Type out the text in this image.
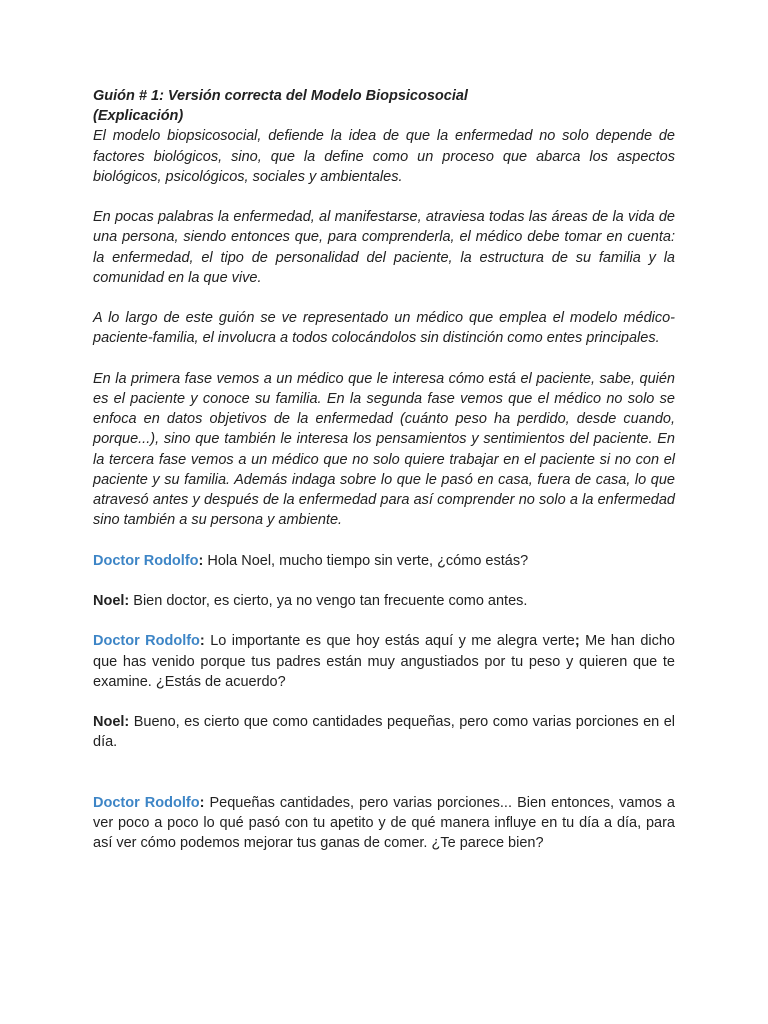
Guión # 1: Versión correcta del Modelo Biopsicosocial

(Explicación)

El modelo biopsicosocial, defiende la idea de que la enfermedad no solo depende de factores biológicos, sino, que la define como un proceso que abarca los aspectos biológicos, psicológicos, sociales y ambientales.

En pocas palabras la enfermedad, al manifestarse, atraviesa todas las áreas de la vida de una persona, siendo entonces que, para comprenderla, el médico debe tomar en cuenta: la enfermedad, el tipo de personalidad del paciente, la estructura de su familia y la comunidad en la que vive.

A lo largo de este guión se ve representado un médico que emplea el modelo médico-paciente-familia, el involucra a todos colocándolos sin distinción como entes principales.

En la primera fase vemos a un médico que le interesa cómo está el paciente, sabe, quién es el paciente y conoce su familia. En la segunda fase vemos que el médico no solo se enfoca en datos objetivos de la enfermedad (cuánto peso ha perdido, desde cuando, porque...), sino que también le interesa los pensamientos y sentimientos del paciente. En la tercera fase vemos a un médico que no solo quiere trabajar en el paciente si no con el paciente y su familia. Además indaga sobre lo que le pasó en casa, fuera de casa, lo que atravesó antes y después de la enfermedad para así comprender no solo a la enfermedad sino también a su persona y ambiente.

Doctor Rodolfo: Hola Noel, mucho tiempo sin verte, ¿cómo estás?

Noel: Bien doctor, es cierto, ya no vengo tan frecuente como antes.

Doctor Rodolfo: Lo importante es que hoy estás aquí y me alegra verte; Me han dicho que has venido porque tus padres están muy angustiados por tu peso y quieren que te examine. ¿Estás de acuerdo?

Noel: Bueno, es cierto que como cantidades pequeñas, pero como varias porciones en el día.

Doctor Rodolfo: Pequeñas cantidades, pero varias porciones... Bien entonces, vamos a ver poco a poco lo qué pasó con tu apetito y de qué manera influye en tu día a día, para así ver cómo podemos mejorar tus ganas de comer. ¿Te parece bien?
